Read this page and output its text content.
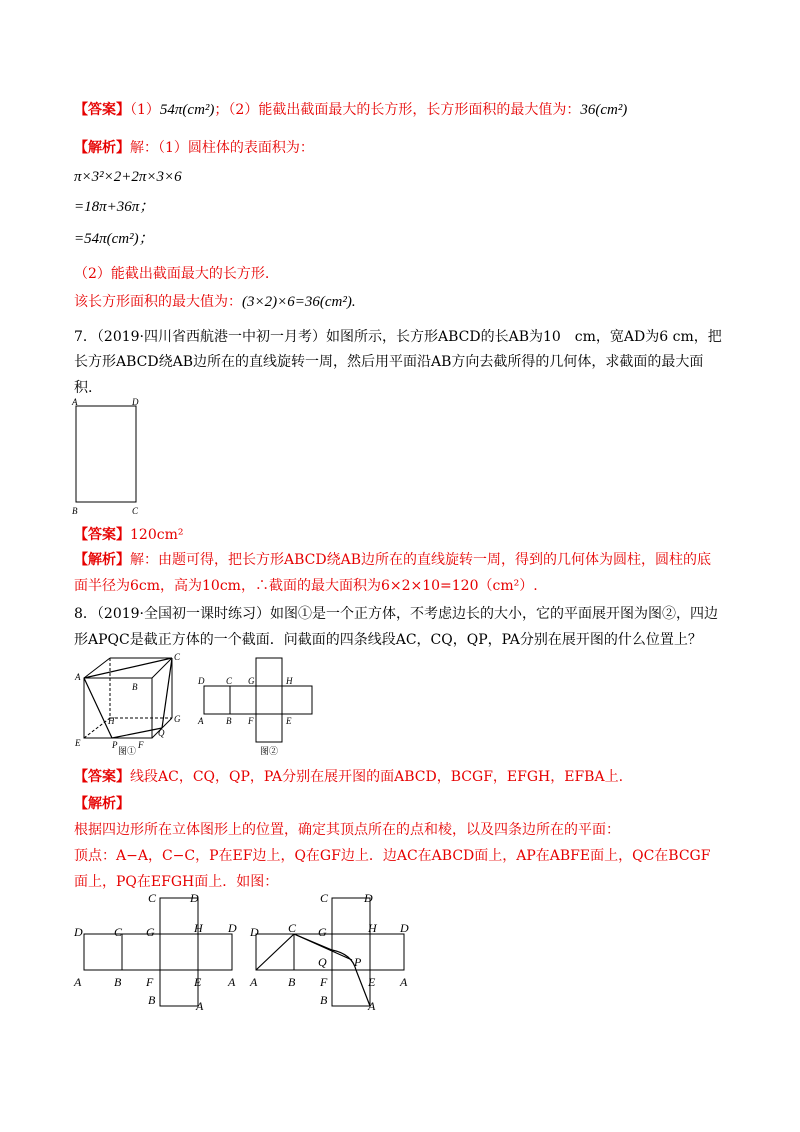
【答案】（1）54π(cm²)；（2）能截出截面最大的长方形，长方形面积的最大值为：36(cm²)
【解析】解：（1）圆柱体的表面积为：
π×3²×2+2π×3×6
=18π+36π；
=54π(cm²)；
（2）能截出截面最大的长方形.
该长方形面积的最大值为：(3×2)×6=36(cm²).
7．（2019·四川省西航港一中初一月考）如图所示，长方形ABCD的长AB为10　cm，宽AD为6 cm，把
长方形ABCD绕AB边所在的直线旋转一周，然后用平面沿AB方向去截所得的几何体，求截面的最大面
积.
A	D
B	C
【答案】120cm²
【解析】解：由题可得，把长方形ABCD绕AB边所在的直线旋转一周，得到的几何体为圆柱，圆柱的底
面半径为6cm，高为10cm，∴截面的最大面积为6×2×10=120（cm²）.
8．（2019·全国初一课时练习）如图①是一个正方体，不考虑边长的大小，它的平面展开图为图②，四边
形APQC是截正方体的一个截面．问截面的四条线段AC，CQ，QP，PA分别在展开图的什么位置上？
A
B
C
E
H
P F
Q
G
图①
D C G	H
A	B F	E
图②
【答案】线段AC，CQ，QP，PA分别在展开图的面ABCD，BCGF，EFGH，EFBA上.
【解析】
根据四边形所在立体图形上的位置，确定其顶点所在的点和棱，以及四条边所在的平面：
顶点：A−A，C−C，P在EF边上，Q在GF边上．边AC在ABCD面上，AP在ABFE面上，QC在BCGF
面上，PQ在EFGH面上．如图：
D	C G	H D
C	D
A	B F	E A
B	A
D C G	H D
C	D
A	B
Q P
F	E A
B	A
